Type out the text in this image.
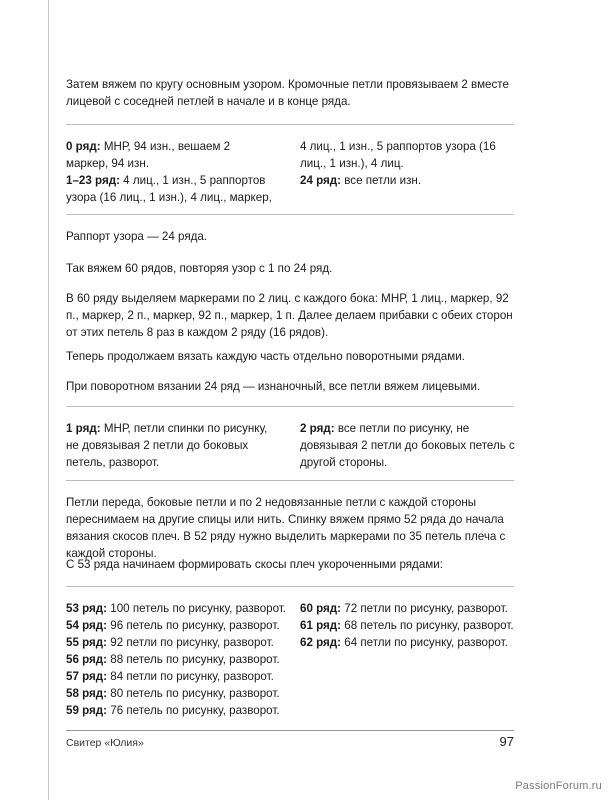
Затем вяжем по кругу основным узором. Кромочные петли провязываем 2 вместе лицевой с соседней петлей в начале и в конце ряда.

0 ряд: МНР, 94 изн., вешаем 2 маркер, 94 изн.
1–23 ряд: 4 лиц., 1 изн., 5 раппортов узора (16 лиц., 1 изн.), 4 лиц., маркер,
4 лиц., 1 изн., 5 раппортов узора (16 лиц., 1 изн.), 4 лиц.
24 ряд: все петли изн.

Раппорт узора — 24 ряда.

Так вяжем 60 рядов, повторяя узор с 1 по 24 ряд.

В 60 ряду выделяем маркерами по 2 лиц. с каждого бока: МНР, 1 лиц., маркер, 92 п., маркер, 2 п., маркер, 92 п., маркер, 1 п. Далее делаем прибавки с обеих сторон от этих петель 8 раз в каждом 2 ряду (16 рядов).

Теперь продолжаем вязать каждую часть отдельно поворотными рядами.

При поворотном вязании 24 ряд — изнаночный, все петли вяжем лицевыми.

1 ряд: МНР, петли спинки по рисунку, не довязывая 2 петли до боковых петель, разворот.
2 ряд: все петли по рисунку, не довязывая 2 петли до боковых петель с другой стороны.

Петли переда, боковые петли и по 2 недовязанные петли с каждой стороны переснимаем на другие спицы или нить. Спинку вяжем прямо 52 ряда до начала вязания скосов плеч. В 52 ряду нужно выделить маркерами по 35 петель плеча с каждой стороны.

С 53 ряда начинаем формировать скосы плеч укороченными рядами:

53 ряд: 100 петель по рисунку, разворот.
54 ряд: 96 петель по рисунку, разворот.
55 ряд: 92 петли по рисунку, разворот.
56 ряд: 88 петель по рисунку, разворот.
57 ряд: 84 петли по рисунку, разворот.
58 ряд: 80 петель по рисунку, разворот.
59 ряд: 76 петель по рисунку, разворот.
60 ряд: 72 петли по рисунку, разворот.
61 ряд: 68 петель по рисунку, разворот.
62 ряд: 64 петли по рисунку, разворот.
Свитер «Юлия»	97
PassionForum.ru
